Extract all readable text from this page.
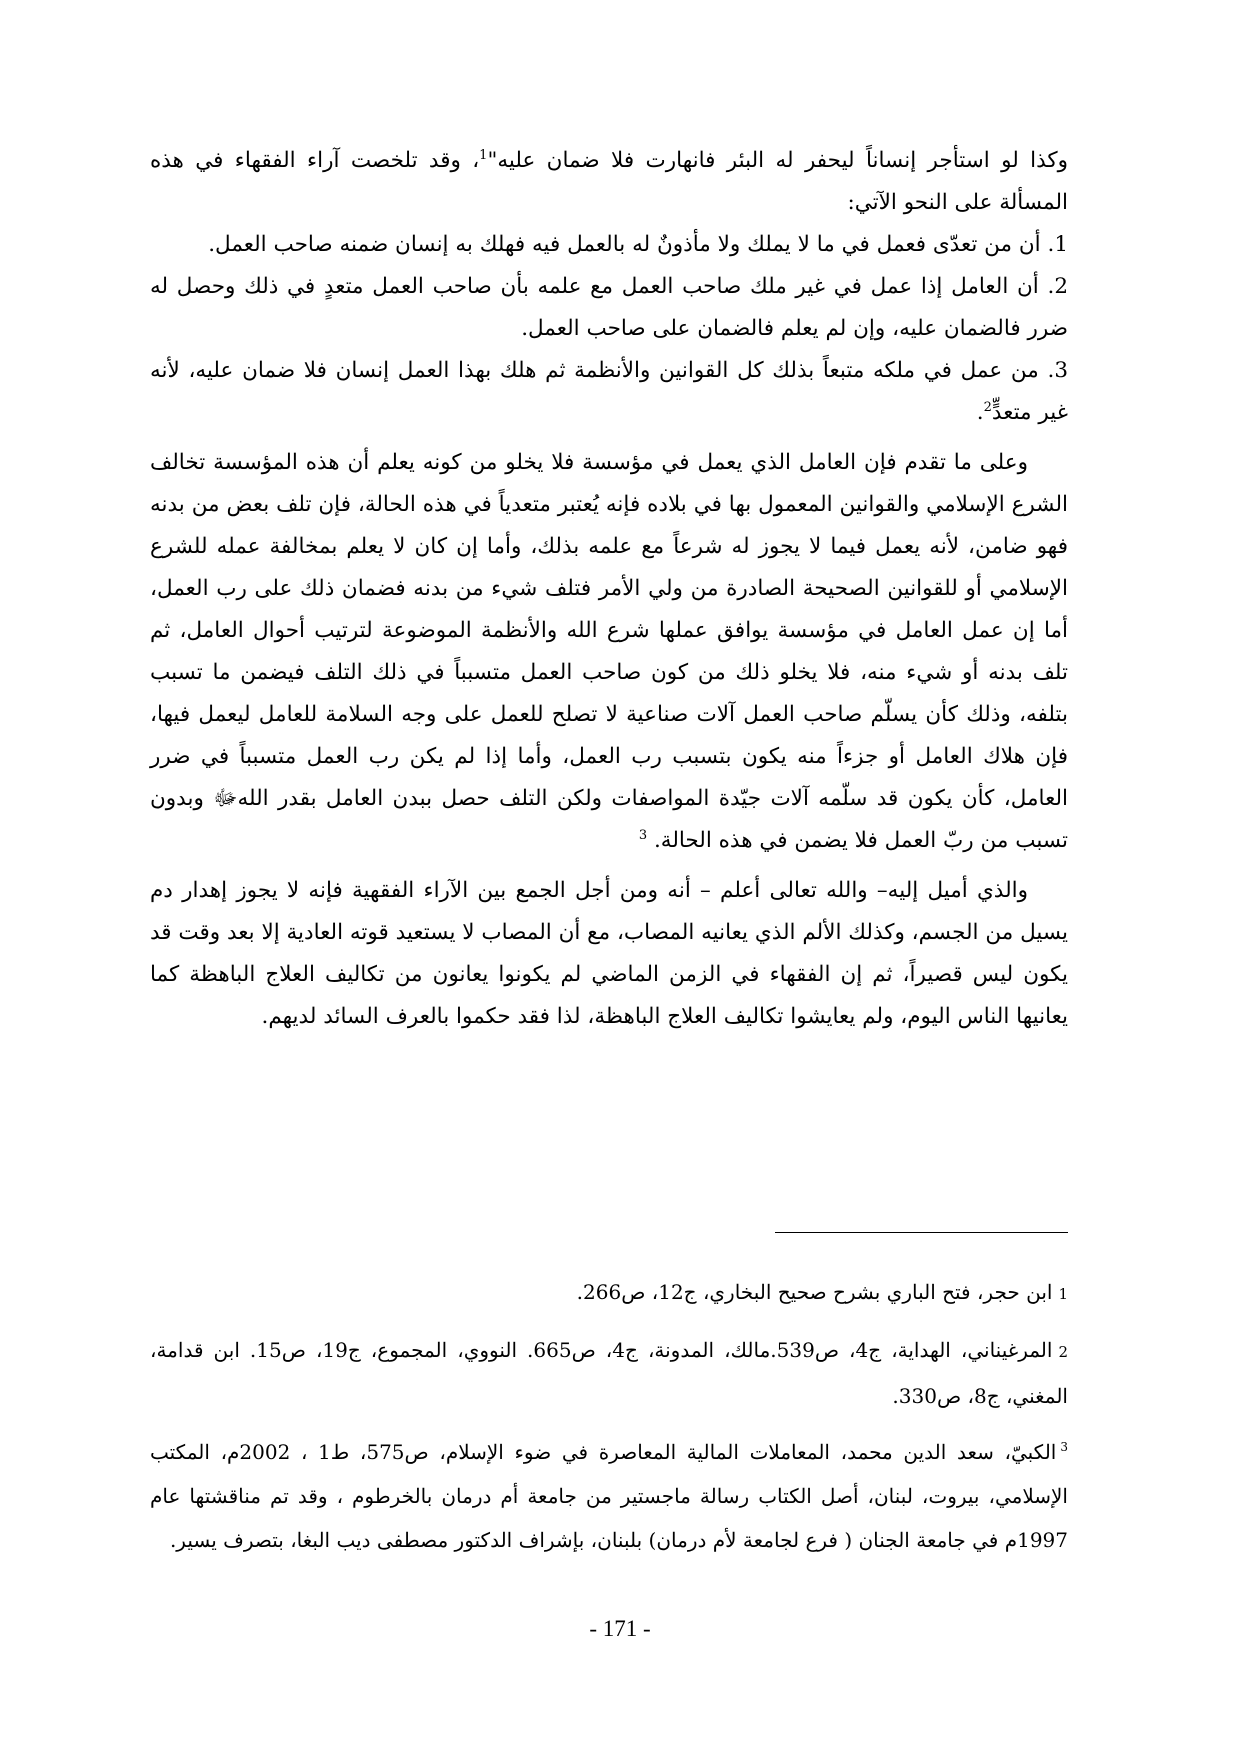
وكذا لو استأجر إنساناً ليحفر له البئر فانهارت فلا ضمان عليه"$^1$، وقد تلخصت آراء الفقهاء في هذه المسألة على النحو الآتي:

1. أن من تعدّى فعمل في ما لا يملك ولا مأذونٌ له بالعمل فيه فهلك به إنسان ضمنه صاحب العمل.

2. أن العامل إذا عمل في غير ملك صاحب العمل مع علمه بأن صاحب العمل متعدٍ في ذلك وحصل له ضرر فالضمان عليه، وإن لم يعلم فالضمان على صاحب العمل.

3. من عمل في ملكه متبعاً بذلك كل القوانين والأنظمة ثم هلك بهذا العمل إنسان فلا ضمان عليه، لأنه غير متعدٍّ$^2$.

وعلى ما تقدم فإن العامل الذي يعمل في مؤسسة فلا يخلو من كونه يعلم أن هذه المؤسسة تخالف الشرع الإسلامي والقوانين المعمول بها في بلاده فإنه يُعتبر متعدياً في هذه الحالة، فإن تلف بعض من بدنه فهو ضامن، لأنه يعمل فيما لا يجوز له شرعاً مع علمه بذلك، وأما إن كان لا يعلم بمخالفة عمله للشرع الإسلامي أو للقوانين الصحيحة الصادرة من ولي الأمر فتلف شيء من بدنه فضمان ذلك على رب العمل، أما إن عمل العامل في مؤسسة يوافق عملها شرع الله والأنظمة الموضوعة لترتيب أحوال العامل، ثم تلف بدنه أو شيء منه، فلا يخلو ذلك من كون صاحب العمل متسبباً في ذلك التلف فيضمن ما تسبب بتلفه، وذلك كأن يسلّم صاحب العمل آلات صناعية لا تصلح للعمل على وجه السلامة للعامل ليعمل فيها، فإن هلاك العامل أو جزءاً منه يكون بتسبب رب العمل، وأما إذا لم يكن رب العمل متسبباً في ضرر العامل، كأن يكون قد سلّمه آلات جيّدة المواصفات ولكن التلف حصل ببدن العامل بقدر اللهﷻ وبدون تسبب من ربّ العمل فلا يضمن في هذه الحالة. $^3$

والذي أميل إليه– والله تعالى أعلم – أنه ومن أجل الجمع بين الآراء الفقهية فإنه لا يجوز إهدار دم يسيل من الجسم، وكذلك الألم الذي يعانيه المصاب، مع أن المصاب لا يستعيد قوته العادية إلا بعد وقت قد يكون ليس قصيراً، ثم إن الفقهاء في الزمن الماضي لم يكونوا يعانون من تكاليف العلاج الباهظة كما يعانيها الناس اليوم، ولم يعايشوا تكاليف العلاج الباهظة، لذا فقد حكموا بالعرف السائد لديهم.

1ابن حجر، فتح الباري بشرح صحيح البخاري، ج12، ص266.

2المرغيناني، الهداية، ج4، ص539.مالك، المدونة، ج4، ص665. النووي، المجموع، ج19، ص15. ابن قدامة، المغني، ج8، ص330.

$^3$الكبيّ، سعد الدين محمد، المعاملات المالية المعاصرة في ضوء الإسلام، ص575، ط1 ، 2002م، المكتب الإسلامي، بيروت، لبنان، أصل الكتاب رسالة ماجستير من جامعة أم درمان بالخرطوم ، وقد تم مناقشتها عام 1997م في جامعة الجنان ( فرع لجامعة لأم درمان) بلبنان، بإشراف الدكتور مصطفى ديب البغا، بتصرف يسير.

- 171 -
